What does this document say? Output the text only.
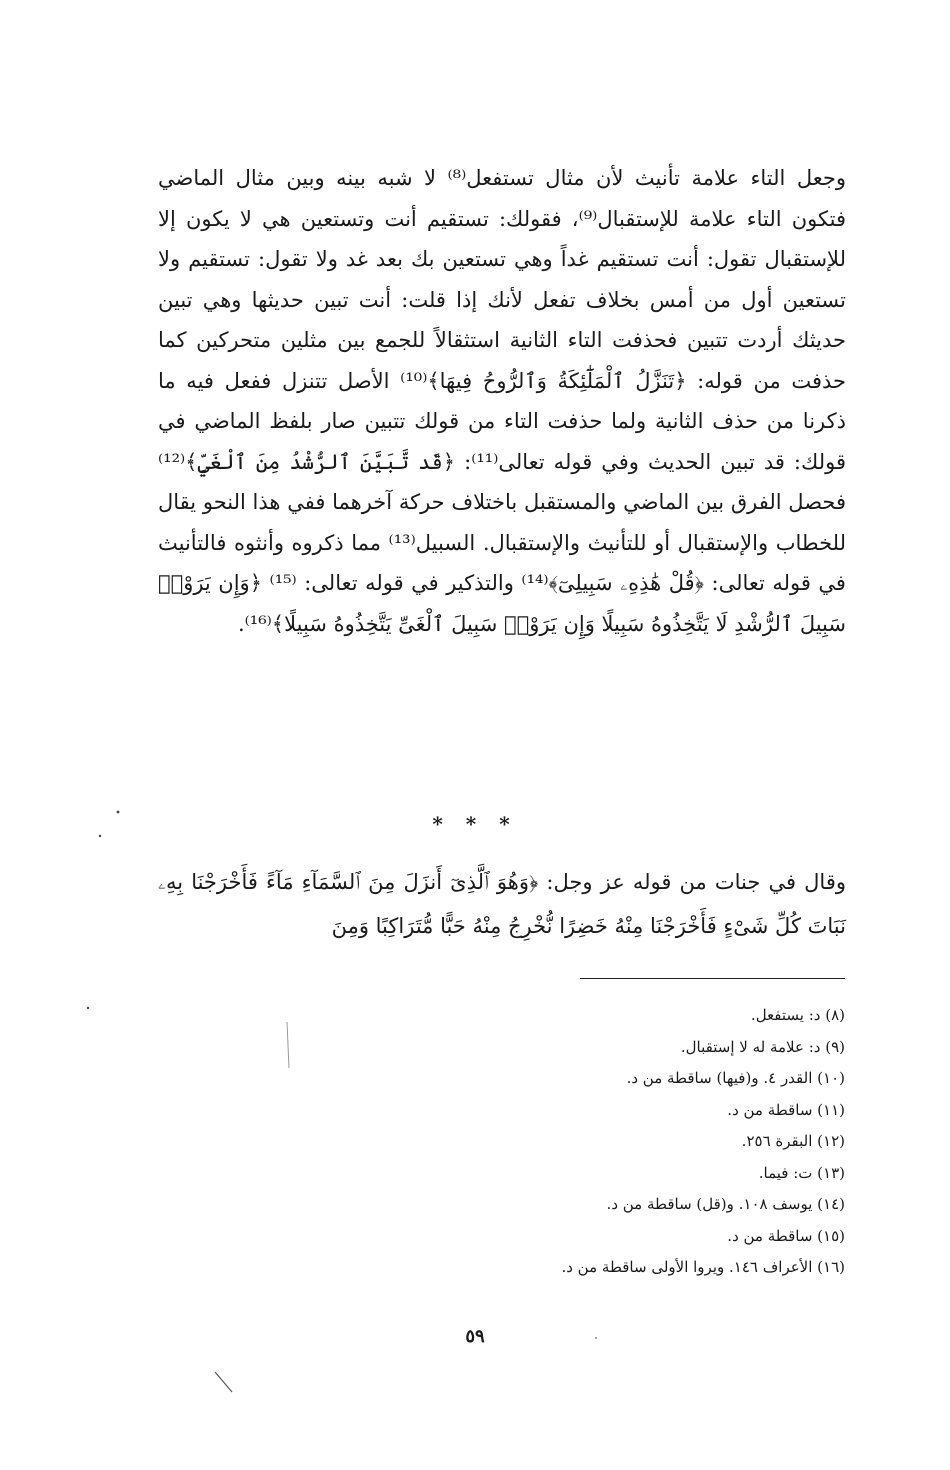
وجعل التاء علامة تأنيث لأن مثال تستفعل⁽⁸⁾ لا شبه بينه وبين مثال الماضي فتكون التاء علامة للإستقبال⁽⁹⁾، فقولك: تستقيم أنت وتستعين هي لا يكون إلا للإستقبال تقول: أنت تستقيم غداً وهي تستعين بك بعد غد ولا تقول: تستقيم ولا تستعين أول من أمس بخلاف تفعل لأنك إذا قلت: أنت تبين حديثها وهي تبين حديثك أردت تتبين فحذفت التاء الثانية استثقالاً للجمع بين مثلين متحركين كما حذفت من قوله: ﴿تَنَزَّلُ ٱلْمَلَٰٓئِكَةُ وَٱلرُّوحُ فِيهَا﴾⁽¹⁰⁾ الأصل تتنزل ففعل فيه ما ذكرنا من حذف الثانية ولما حذفت التاء من قولك تتبين صار بلفظ الماضي في قولك: قد تبين الحديث وفي قوله تعالى⁽¹¹⁾: ﴿قَد تَّبَيَّنَ ٱلرُّشْدُ مِنَ ٱلْغَيِّ﴾⁽¹²⁾ فحصل الفرق بين الماضي والمستقبل باختلاف حركة آخرهما ففي هذا النحو يقال للخطاب والإستقبال أو للتأنيث والإستقبال. السبيل⁽¹³⁾ مما ذكروه وأنثوه فالتأنيث في قوله تعالى: ﴿قُلْ هَٰذِهِۦ سَبِيلِىٓ﴾⁽¹⁴⁾ والتذكير في قوله تعالى: ⁽¹⁵⁾ ﴿وَإِن يَرَوْا۟ سَبِيلَ ٱلرُّشْدِ لَا يَتَّخِذُوهُ سَبِيلًا وَإِن يَرَوْا۟ سَبِيلَ ٱلْغَىِّ يَتَّخِذُوهُ سَبِيلًا﴾⁽¹⁶⁾.

* * *
وقال في جنات من قوله عز وجل: ﴿وَهُوَ ٱلَّذِىٓ أَنزَلَ مِنَ ٱلسَّمَآءِ مَآءً فَأَخْرَجْنَا بِهِۦ نَبَاتَ كُلِّ شَىْءٍ فَأَخْرَجْنَا مِنْهُ خَضِرًا نُّخْرِجُ مِنْهُ حَبًّا مُّتَرَاكِبًا وَمِنَ
(٨) د: يستفعل.
(٩) د: علامة له لا إستقبال.
(١٠) القدر ٤. و(فيها) ساقطة من د.
(١١) ساقطة من د.
(١٢) البقرة ٢٥٦.
(١٣) ت: فيما.
(١٤) يوسف ١٠٨. و(قل) ساقطة من د.
(١٥) ساقطة من د.
(١٦) الأعراف ١٤٦. ويروا الأولى ساقطة من د.
٥٩
